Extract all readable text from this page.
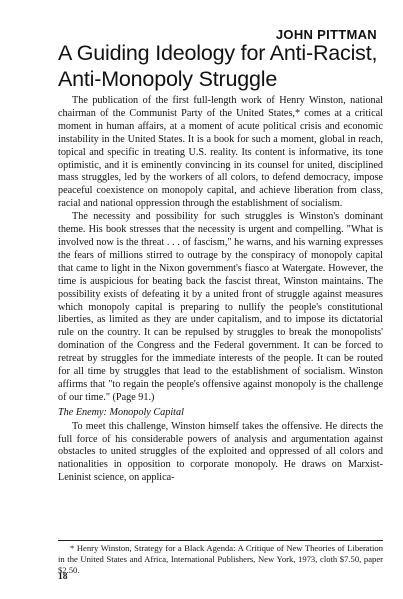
JOHN PITTMAN

A Guiding Ideology for Anti-Racist,
Anti-Monopoly Struggle

The publication of the first full-length work of Henry Winston, national chairman of the Communist Party of the United States,* comes at a critical moment in human affairs, at a moment of acute political crisis and economic instability in the United States. It is a book for such a moment, global in reach, topical and specific in treating U.S. reality. Its content is informative, its tone optimistic, and it is eminently convincing in its counsel for united, disciplined mass struggles, led by the workers of all colors, to defend democracy, impose peaceful coexistence on monopoly capital, and achieve liberation from class, racial and national oppression through the establishment of socialism.

The necessity and possibility for such struggles is Winston's dominant theme. His book stresses that the necessity is urgent and compelling. "What is involved now is the threat . . . of fascism," he warns, and his warning expresses the fears of millions stirred to outrage by the conspiracy of monopoly capital that came to light in the Nixon government's fiasco at Watergate. However, the time is auspicious for beating back the fascist threat, Winston maintains. The possibility exists of defeating it by a united front of struggle against measures which monopoly capital is preparing to nullify the people's constitutional liberties, as limited as they are under capitalism, and to impose its dictatorial rule on the country. It can be repulsed by struggles to break the monopolists' domination of the Congress and the Federal government. It can be forced to retreat by struggles for the immediate interests of the people. It can be routed for all time by struggles that lead to the establishment of socialism. Winston affirms that "to regain the people's offensive against monopoly is the challenge of our time." (Page 91.)

The Enemy: Monopoly Capital

To meet this challenge, Winston himself takes the offensive. He directs the full force of his considerable powers of analysis and argumentation against obstacles to united struggles of the exploited and oppressed of all colors and nationalities in opposition to corporate monopoly. He draws on Marxist-Leninist science, on applica-

* Henry Winston, Strategy for a Black Agenda: A Critique of New Theories of Liberation in the United States and Africa, International Publishers, New York, 1973, cloth $7.50, paper $2.50.

18
